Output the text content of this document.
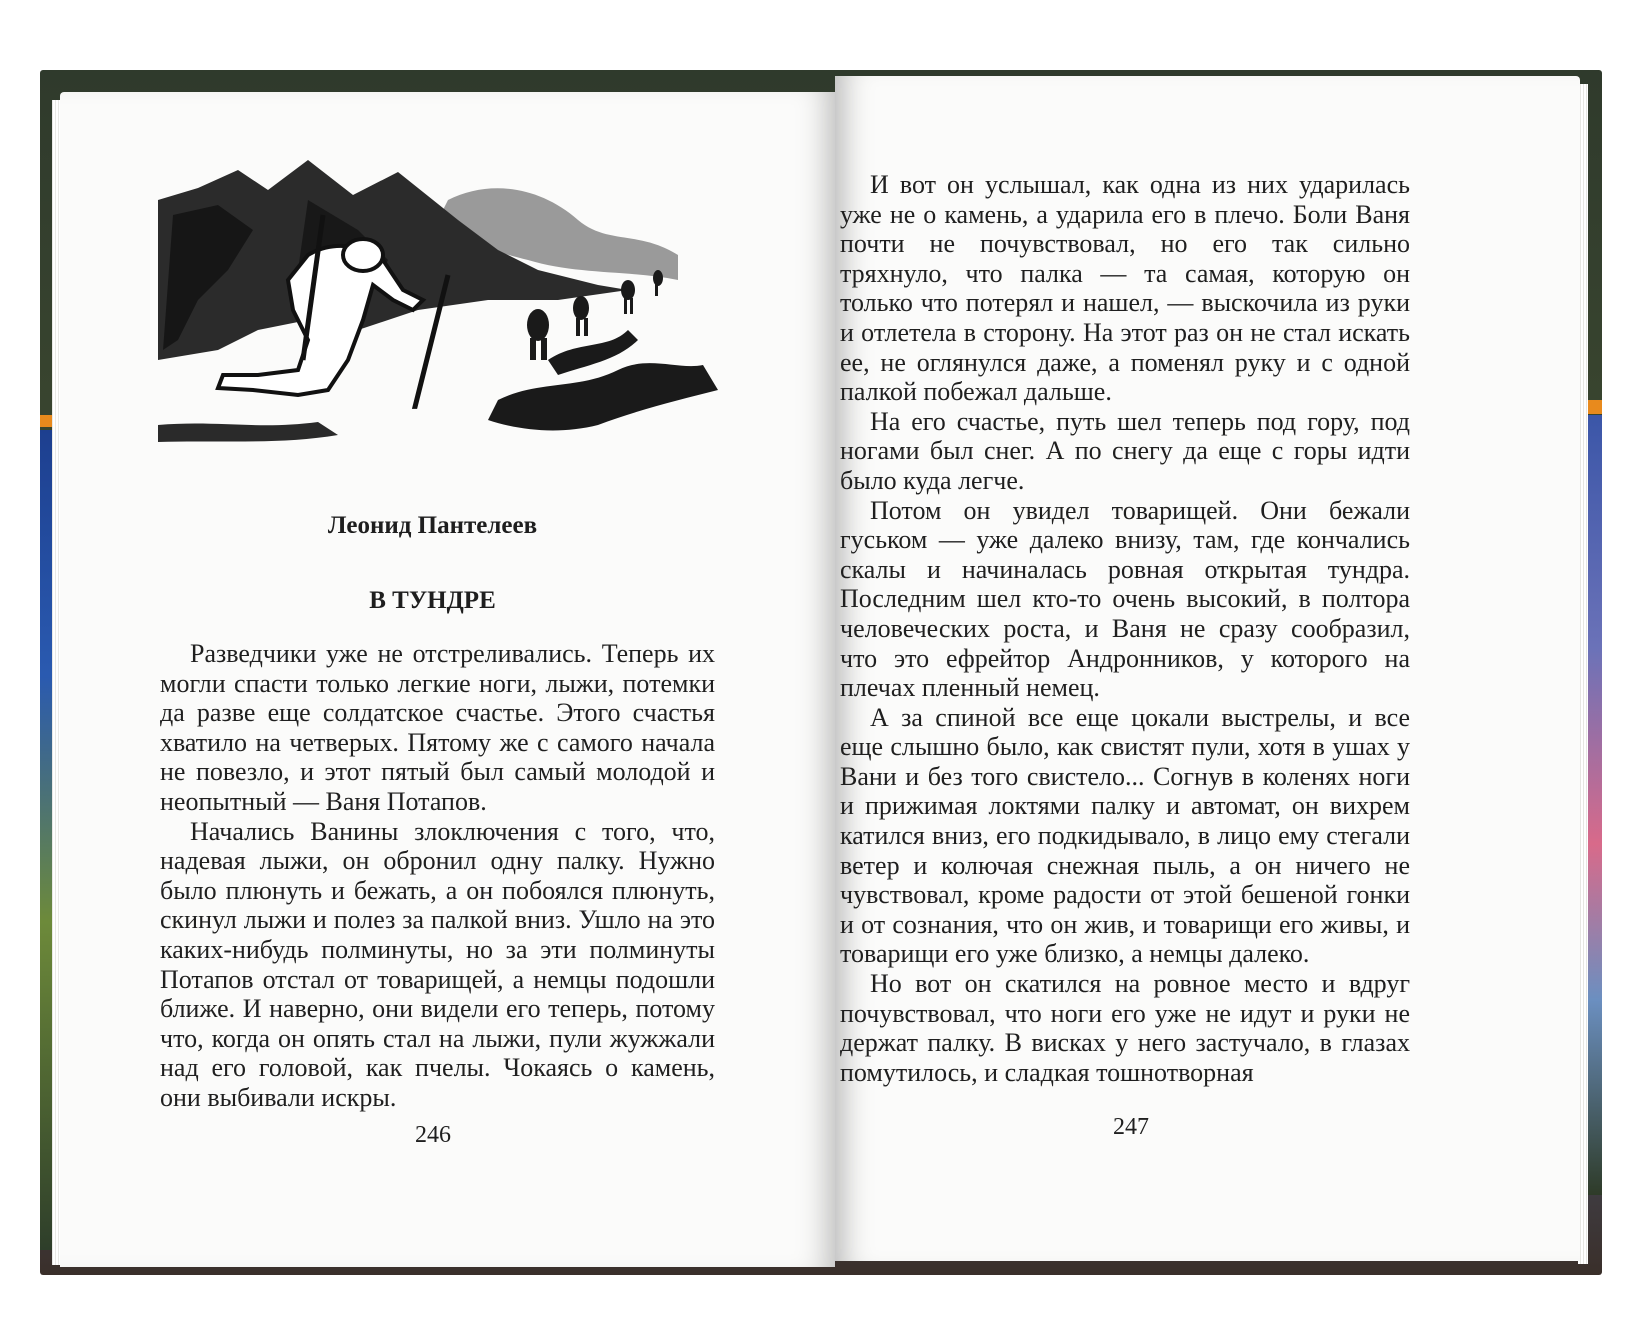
Леонид Пантелеев
В ТУНДРЕ

Разведчики уже не отстреливались. Теперь их могли спасти только легкие ноги, лыжи, потемки да разве еще солдатское счастье. Этого счастья хватило на четверых. Пятому же с самого начала не повезло, и этот пятый был самый молодой и неопытный — Ваня Потапов.

Начались Ванины злоключения с того, что, надевая лыжи, он обронил одну палку. Нужно было плюнуть и бежать, а он побоялся плюнуть, скинул лыжи и полез за палкой вниз. Ушло на это каких-нибудь полминуты, но за эти полминуты Потапов отстал от товарищей, а немцы подошли ближе. И наверно, они видели его теперь, потому что, когда он опять стал на лыжи, пули жужжали над его головой, как пчелы. Чокаясь о камень, они выбивали искры.

246

И вот он услышал, как одна из них ударилась уже не о камень, а ударила его в плечо. Боли Ваня почти не почувствовал, но его так сильно тряхнуло, что палка — та самая, которую он только что потерял и нашел, — выскочила из руки и отлетела в сторону. На этот раз он не стал искать ее, не оглянулся даже, а поменял руку и с одной палкой побежал дальше.

На его счастье, путь шел теперь под гору, под ногами был снег. А по снегу да еще с горы идти было куда легче.

Потом он увидел товарищей. Они бежали гуськом — уже далеко внизу, там, где кончались скалы и начиналась ровная открытая тундра. Последним шел кто-то очень высокий, в полтора человеческих роста, и Ваня не сразу сообразил, что это ефрейтор Андронников, у которого на плечах пленный немец.

А за спиной все еще цокали выстрелы, и все еще слышно было, как свистят пули, хотя в ушах у Вани и без того свистело... Согнув в коленях ноги и прижимая локтями палку и автомат, он вихрем катился вниз, его подкидывало, в лицо ему стегали ветер и колючая снежная пыль, а он ничего не чувствовал, кроме радости от этой бешеной гонки и от сознания, что он жив, и товарищи его живы, и товарищи его уже близко, а немцы далеко.

Но вот он скатился на ровное место и вдруг почувствовал, что ноги его уже не идут и руки не держат палку. В висках у него застучало, в глазах помутилось, и сладкая тошнотворная

247
